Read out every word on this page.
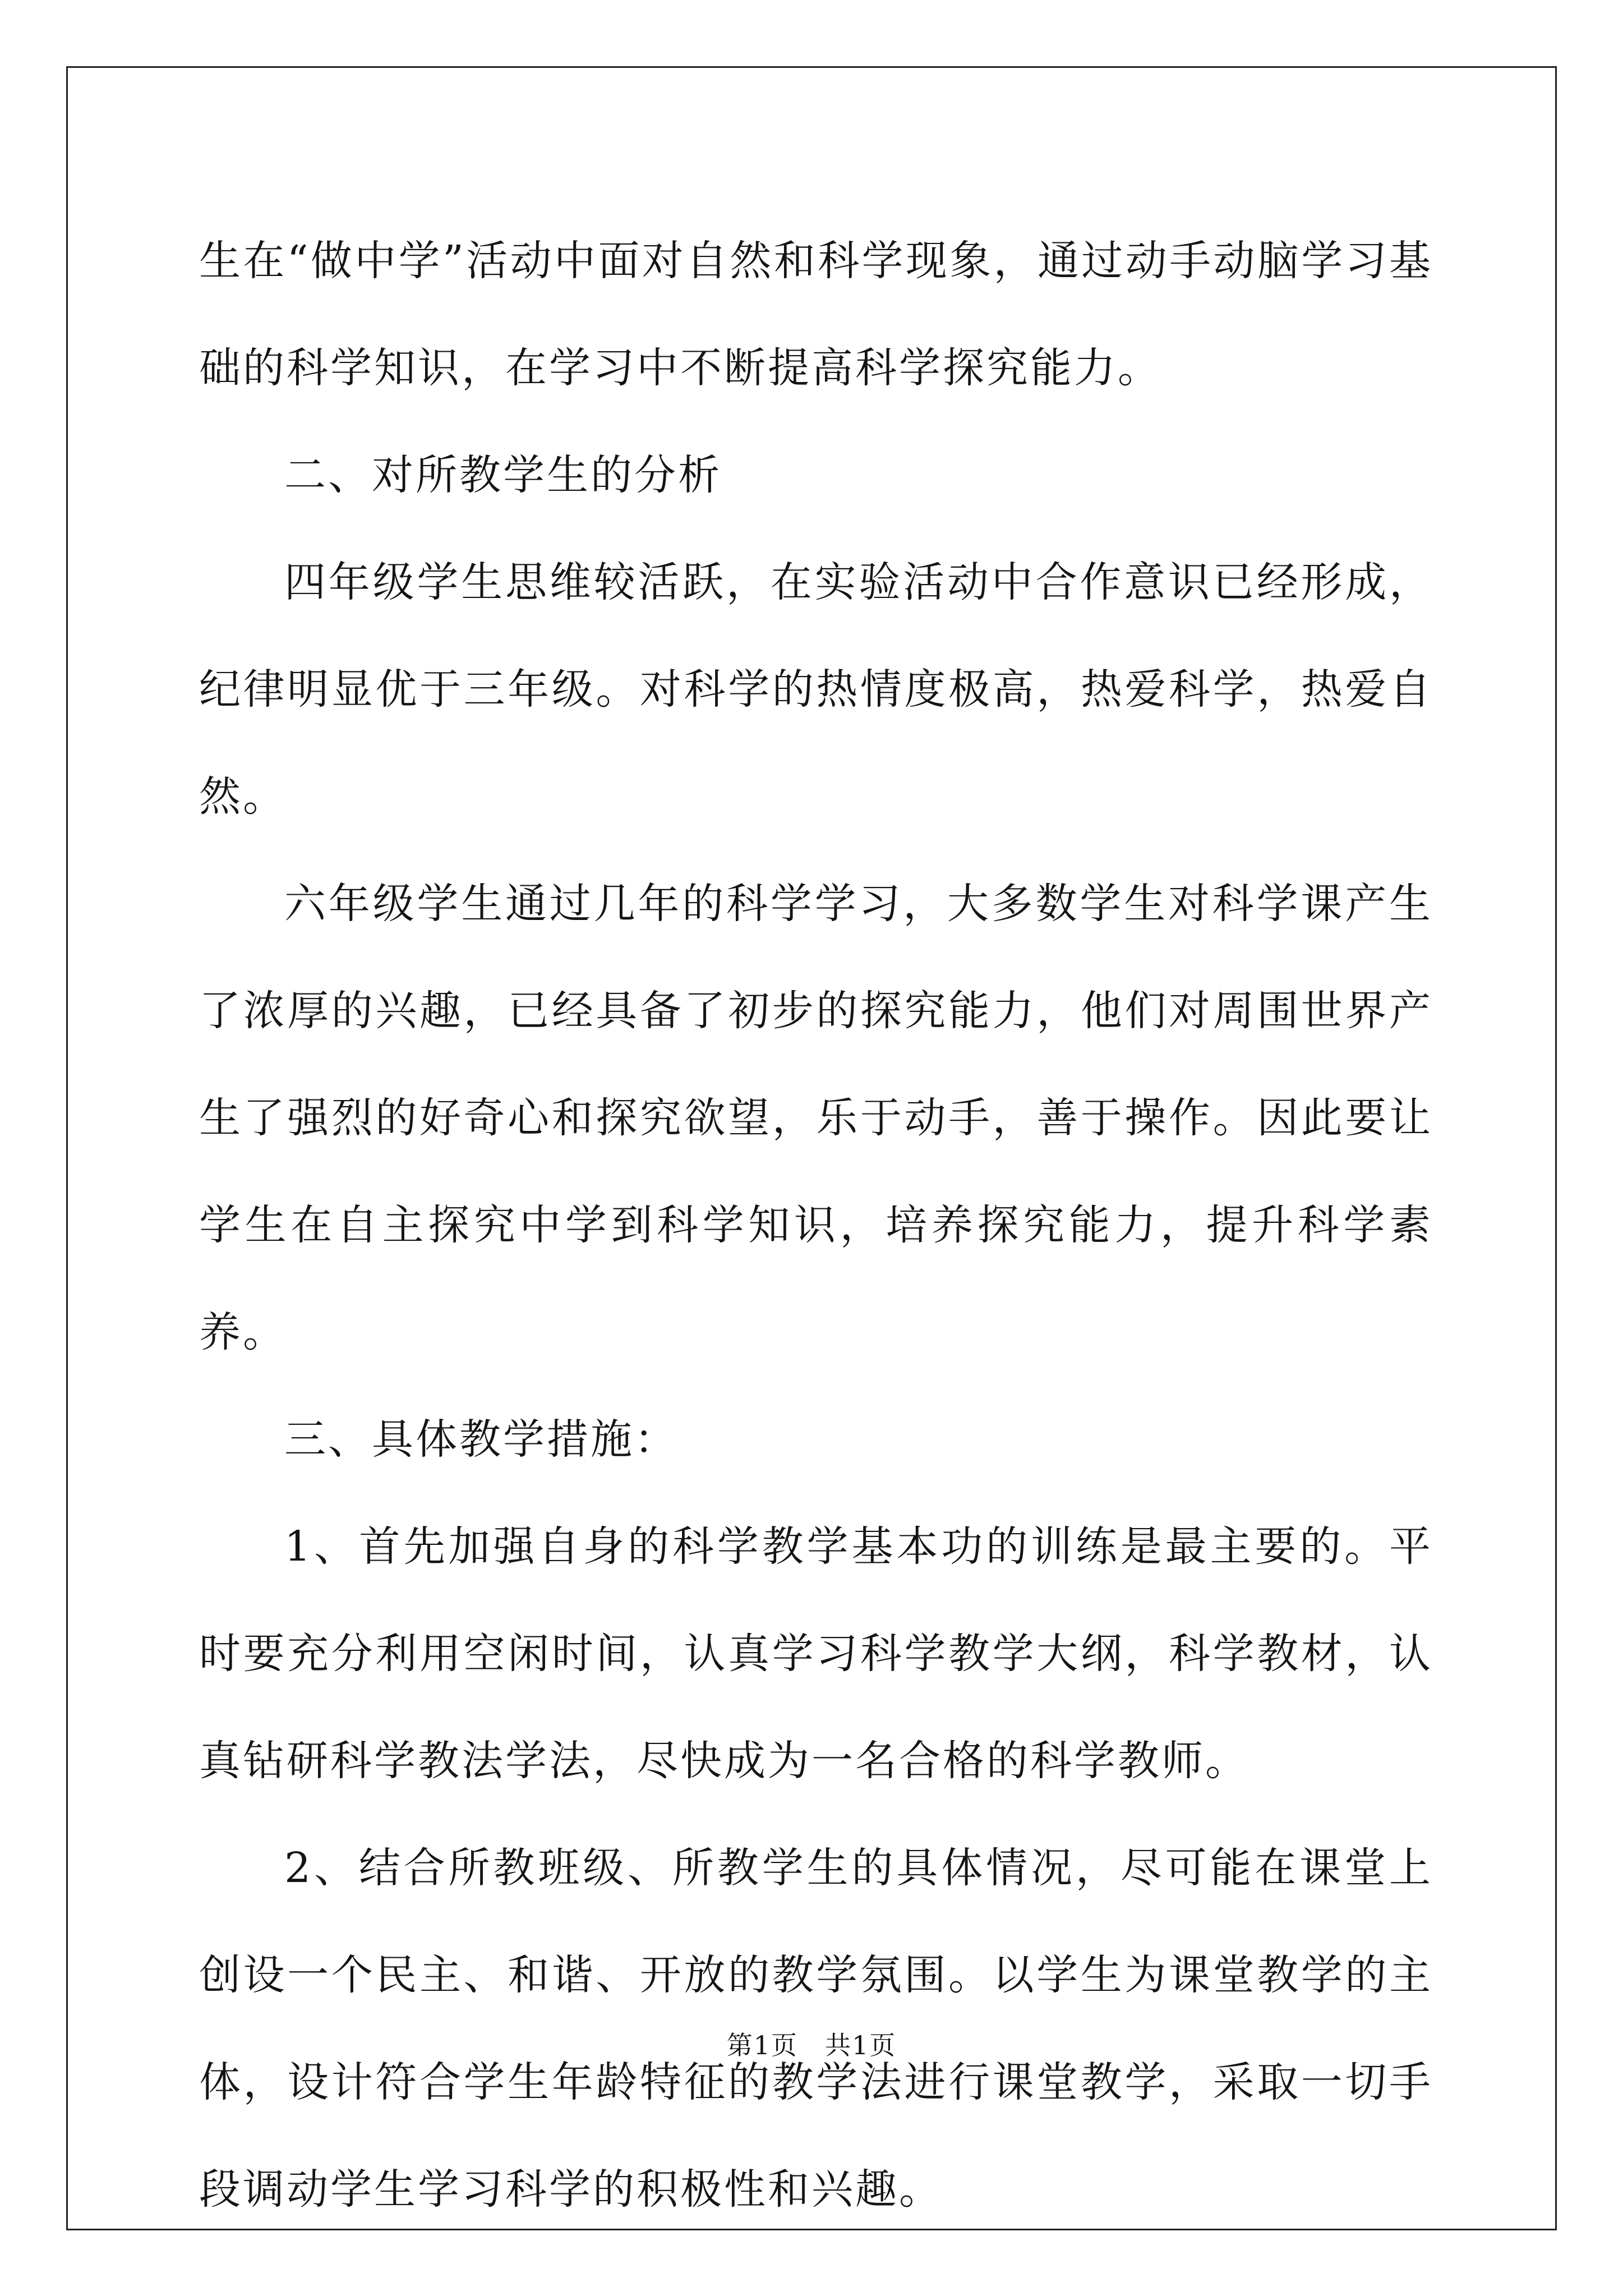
生在“做中学”活动中面对自然和科学现象，通过动手动脑学习基础的科学知识，在学习中不断提高科学探究能力。

二、对所教学生的分析

四年级学生思维较活跃，在实验活动中合作意识已经形成，纪律明显优于三年级。对科学的热情度极高，热爱科学，热爱自然。

六年级学生通过几年的科学学习，大多数学生对科学课产生了浓厚的兴趣，已经具备了初步的探究能力，他们对周围世界产生了强烈的好奇心和探究欲望，乐于动手，善于操作。因此要让学生在自主探究中学到科学知识，培养探究能力，提升科学素养。

三、具体教学措施：

1、首先加强自身的科学教学基本功的训练是最主要的。平时要充分利用空闲时间，认真学习科学教学大纲，科学教材，认真钻研科学教法学法，尽快成为一名合格的科学教师。

2、结合所教班级、所教学生的具体情况，尽可能在课堂上创设一个民主、和谐、开放的教学氛围。以学生为课堂教学的主体，设计符合学生年龄特征的教学法进行课堂教学，采取一切手段调动学生学习科学的积极性和兴趣。

第1页　共1页
